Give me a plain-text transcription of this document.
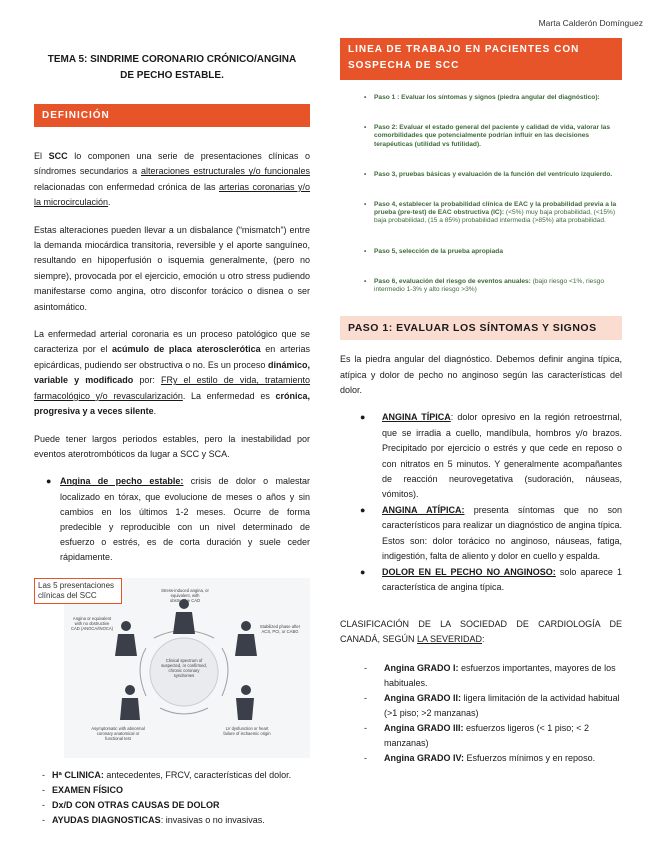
Marta Calderón Domínguez
TEMA 5: SINDRIME CORONARIO CRÓNICO/ANGINA
DE PECHO ESTABLE.
DEFINICIÓN

El SCC lo componen una serie de presentaciones clínicas o síndromes secundarios a alteraciones estructurales y/o funcionales relacionadas con enfermedad crónica de las arterias coronarias y/o la microcirculación.

Estas alteraciones pueden llevar a un disbalance (“mismatch”) entre la demanda miocárdica transitoria, reversible y el aporte sanguíneo, resultando en hipoperfusión o isquemia generalmente, (pero no siempre), provocada por el ejercicio, emoción u otro stress pudiendo manifestarse como angina, otro disconfor torácico o disnea o ser asintomático.

La enfermedad arterial coronaria es un proceso patológico que se caracteriza por el acúmulo de placa aterosclerótica en arterias epicárdicas, pudiendo ser obstructiva o no. Es un proceso dinámico, variable y modificado por: FRy el estilo de vida, tratamiento farmacológico y/o revascularización. La enfermedad es crónica, progresiva y a veces silente.

Puede tener largos periodos estables, pero la inestabilidad por eventos aterotrombóticos da lugar a SCC y SCA.

● Angina de pecho estable: crisis de dolor o malestar localizado en tórax, que evolucione de meses o años y sin cambios en los últimos 1-2 meses. Ocurre de forma predecible y reproducible con un nivel determinado de esfuerzo o estrés, es de corta duración y suele ceder rápidamente.
Las 5 presentaciones clínicas del SCC
Stress-induced angina, or equivalent, with obstructive CAD
Angina or equivalent with no obstructive CAD (ANOCA/INOCA)	Stabilized phase after ACS, PCI, or CABG
Clinical spectrum of suspected, or confirmed, chronic coronary syndromes
Asymptomatic with abnormal coronary anatomical or functional test
LV dysfunction or heart failure of ischaemic origin
- Hª CLINICA: antecedentes, FRCV, características del dolor.
- EXAMEN FÍSICO
- Dx/D CON OTRAS CAUSAS DE DOLOR
- AYUDAS DIAGNOSTICAS: invasivas o no invasivas.
LINEA DE TRABAJO EN PACIENTES CON SOSPECHA DE SCC
•	Paso 1 : Evaluar los síntomas y signos (piedra angular del diagnóstico):
•	Paso 2: Evaluar el estado general del paciente y calidad de vida, valorar las comorbilidades que potencialmente podrían influir en las decisiones terapéuticas (utilidad vs futilidad).
•	Paso 3, pruebas básicas y evaluación de la función del ventrículo izquierdo.
•	Paso 4, establecer la probabilidad clínica de EAC y la probabilidad previa a la prueba (pre-test) de EAC obstructiva (IC): (<5%) muy baja probabilidad, (<15%) baja probabilidad, (15 a 85%) probabilidad intermedia (>85%) alta probabilidad.
•	Paso 5, selección de la prueba apropiada
•	Paso 6, evaluación del riesgo de eventos anuales: (bajo riesgo <1%, riesgo intermedio 1-3% y alto riesgo >3%)
PASO 1: EVALUAR LOS SÍNTOMAS Y SIGNOS

Es la piedra angular del diagnóstico. Debemos definir angina típica, atípica y dolor de pecho no anginoso según las características del dolor.

●	ANGINA TÍPICA: dolor opresivo en la región retroestrnal, que se irradia a cuello, mandíbula, hombros y/o brazos. Precipitado por ejercicio o estrés y que cede en reposo o con nitratos en 5 minutos. Y generalmente acompañantes de reacción neurovegetativa (sudoración, náuseas, vómitos).
●	ANGINA ATÍPICA: presenta síntomas que no son característicos para realizar un diagnóstico de angina típica. Estos son: dolor torácico no anginoso, náuseas, fatiga, indigestión, falta de aliento y dolor en cuello y espalda.
●	DOLOR EN EL PECHO NO ANGINOSO: solo aparece 1 característica de angina típica.

CLASIFICACIÓN DE LA SOCIEDAD DE CARDIOLOGÍA DE CANADÁ, SEGÚN LA SEVERIDAD:

-	Angina GRADO I: esfuerzos importantes, mayores de los habituales.
-	Angina GRADO II: ligera limitación de la actividad habitual (>1 piso; >2 manzanas)
-	Angina GRADO III: esfuerzos ligeros (< 1 piso; < 2 manzanas)
-	Angina GRADO IV: Esfuerzos mínimos y en reposo.
